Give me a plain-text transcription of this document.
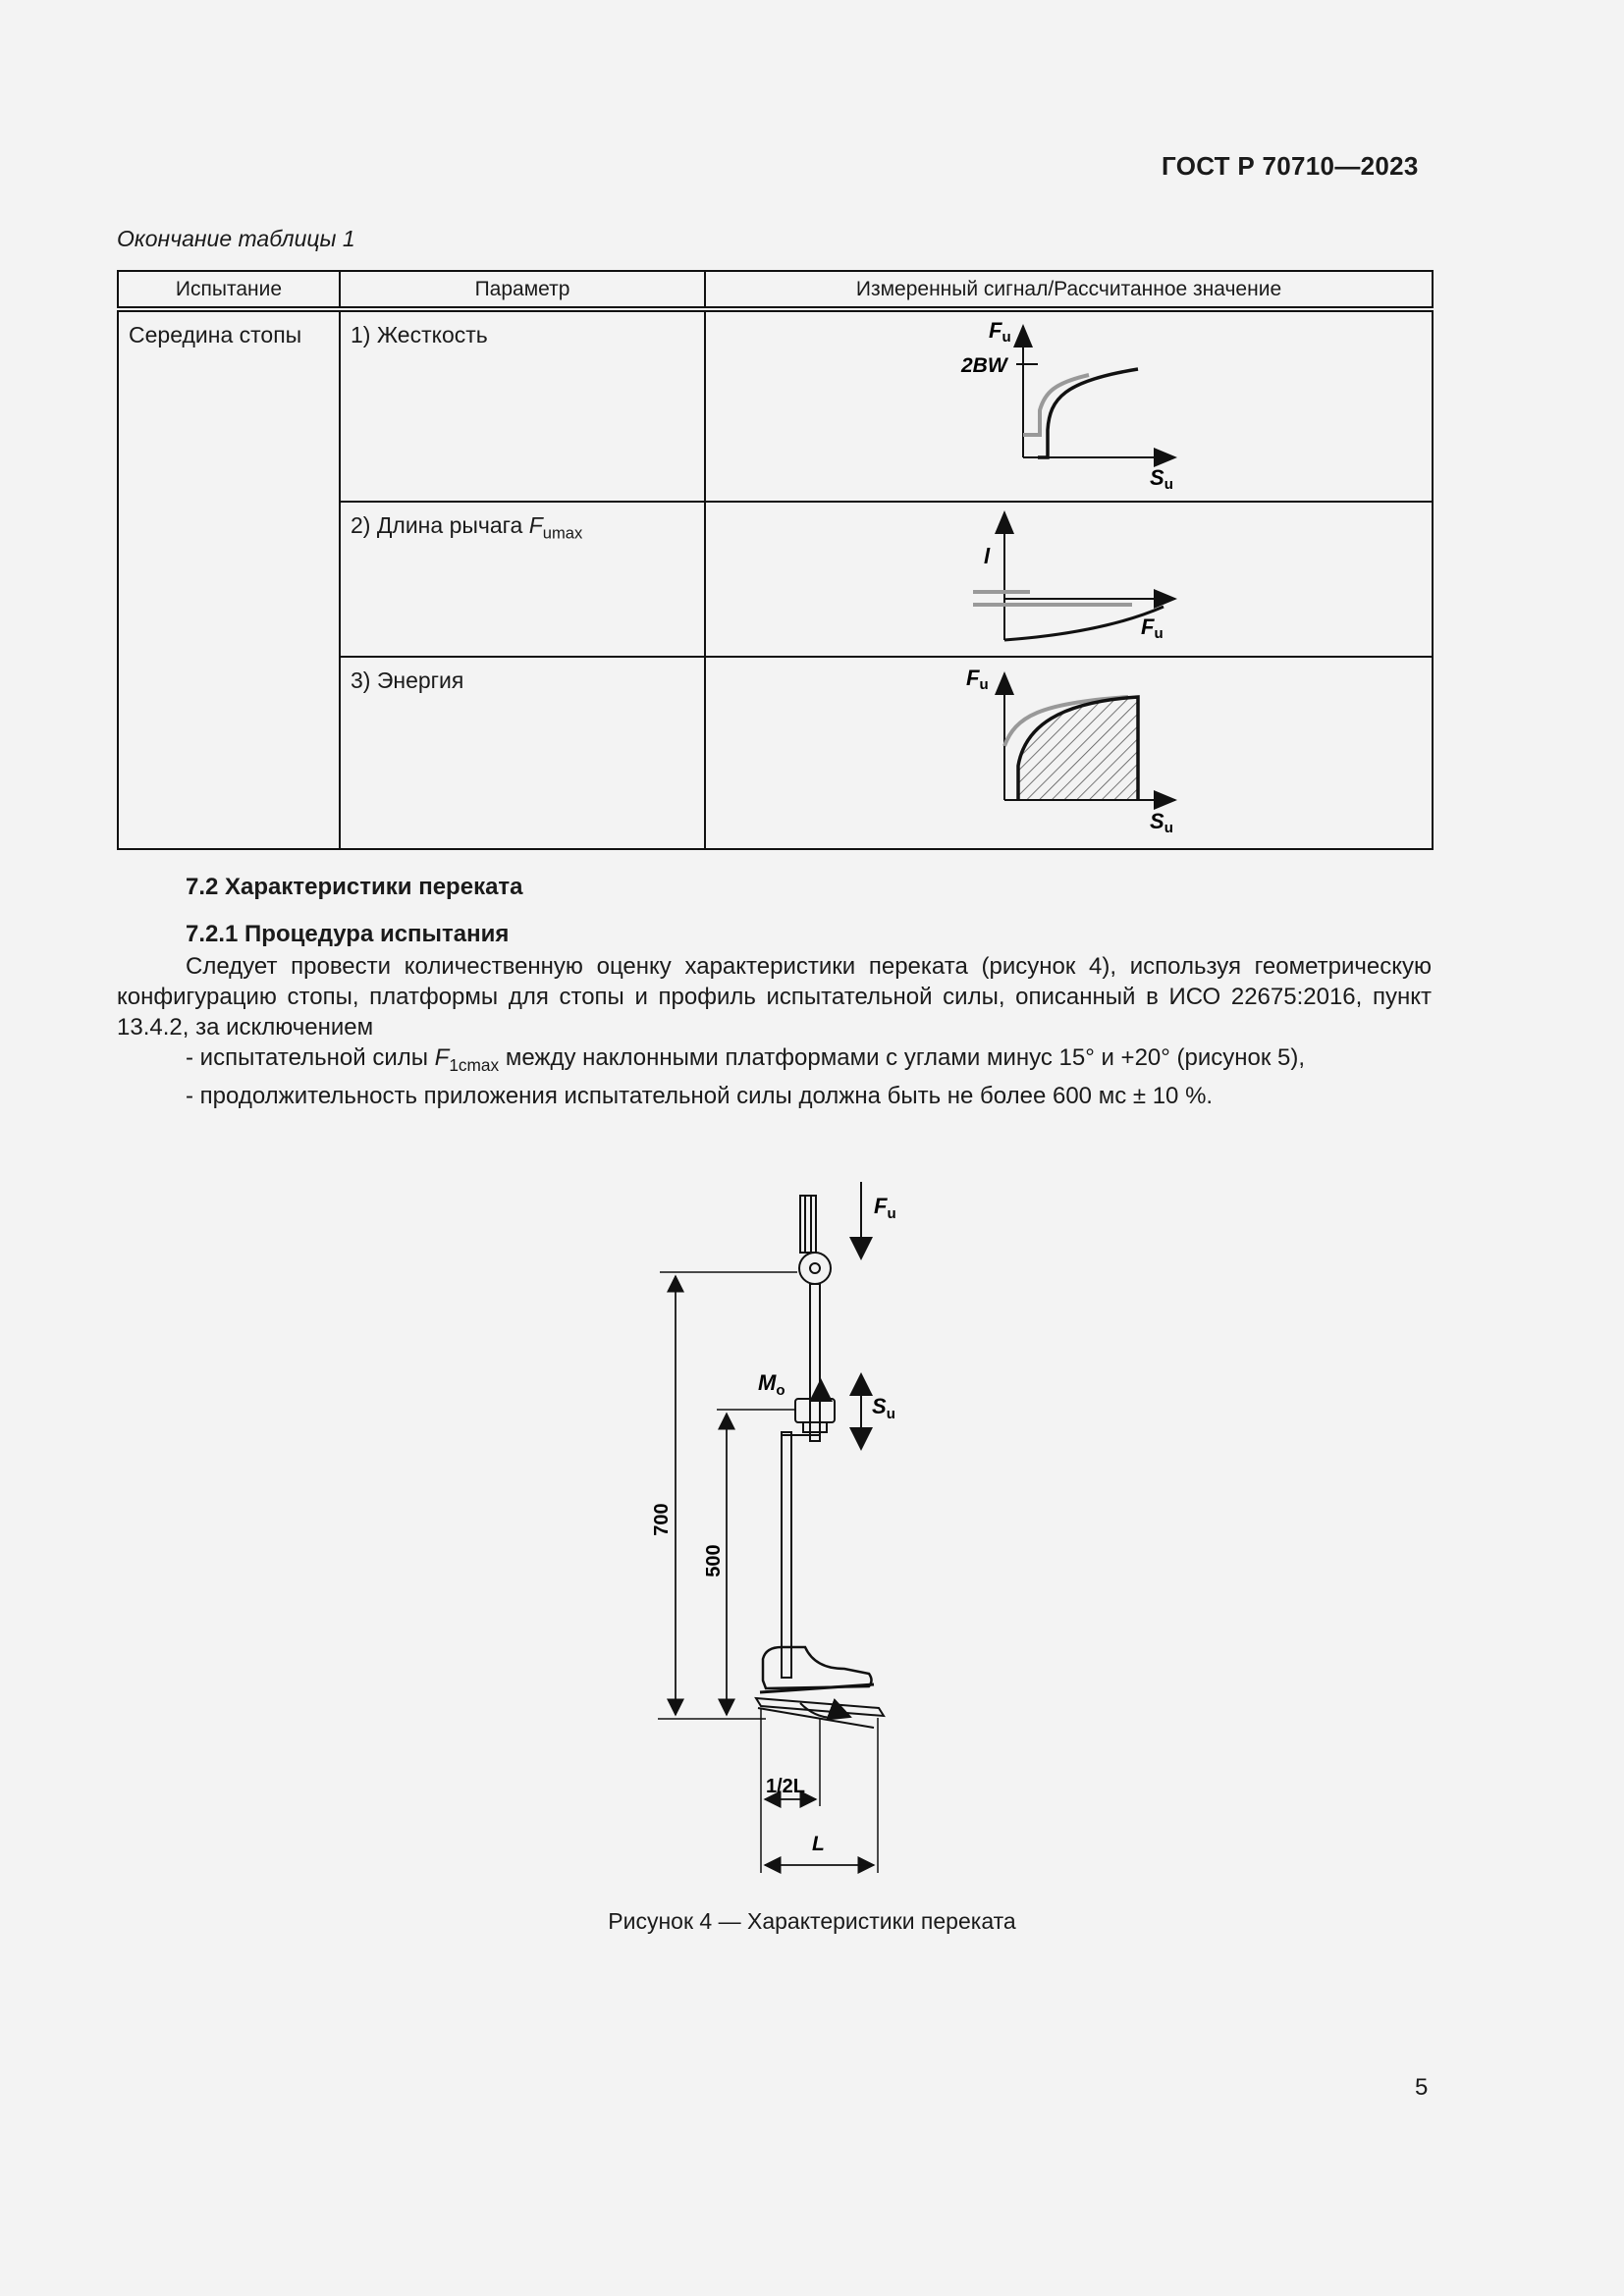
ГОСТ Р 70710—2023
Окончание таблицы 1
Испытание	Параметр	Измеренный сигнал/Рассчитанное значение

Середина стопы	1) Жесткость	Fu
2BW
Su

	2) Длина рычага $F_{umax}$	l
Fu

	3) Энергия	Fu
Su
7.2 Характеристики переката
7.2.1 Процедура испытания

Следует провести количественную оценку характеристики переката (рисунок 4), используя геометрическую конфигурацию стопы, платформы для стопы и профиль испытательной силы, описанный в ИСО 22675:2016, пункт 13.4.2, за исключением

- испытательной силы $F_{1cmax}$ между наклонными платформами с углами минус 15° и +20° (рисунок 5),

- продолжительность приложения испытательной силы должна быть не более 600 мс ± 10 %.

$F_u$
$M_o$
$S_u$
700
500
1/2L
L
Рисунок 4 — Характеристики переката
5
